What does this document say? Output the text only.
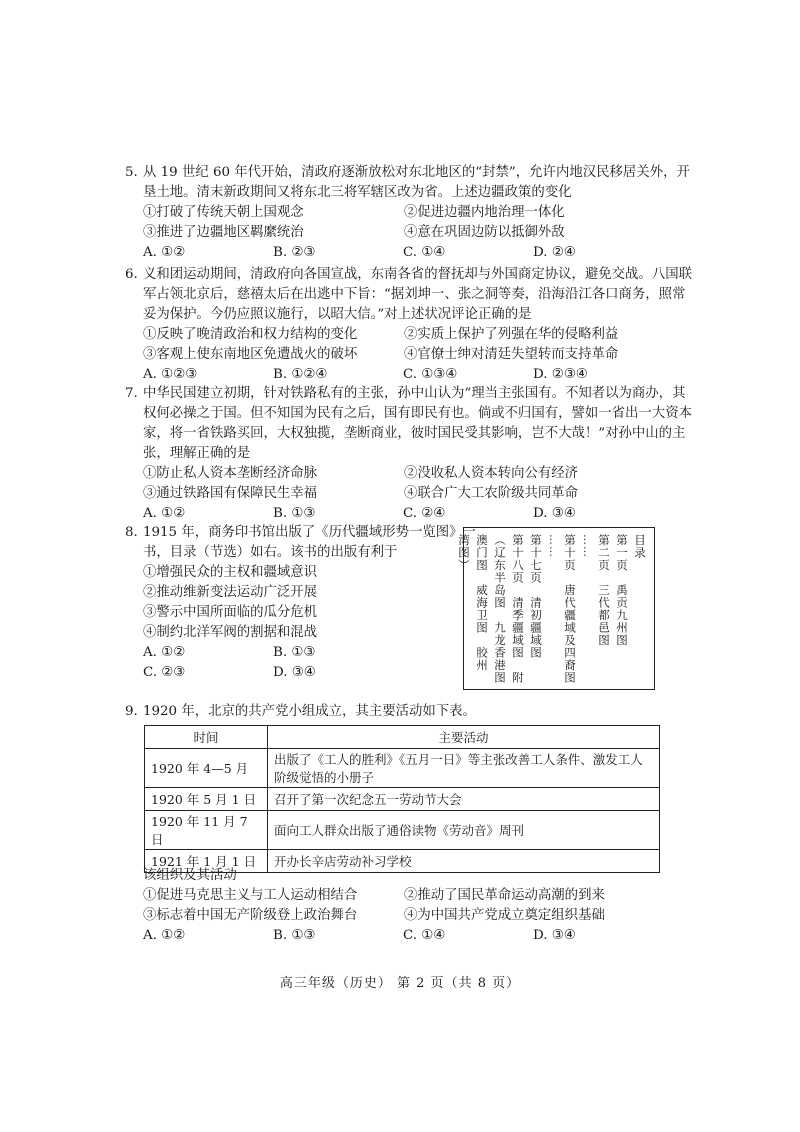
5. 从 19 世纪 60 年代开始，清政府逐渐放松对东北地区的“封禁”，允许内地汉民移居关外，开
垦土地。清末新政期间又将东北三将军辖区改为省。上述边疆政策的变化
①打破了传统天朝上国观念	②促进边疆内地治理一体化
③推进了边疆地区羁縻统治	④意在巩固边防以抵御外敌
A. ①②	B. ②③	C. ①④	D. ②④
6. 义和团运动期间，清政府向各国宣战，东南各省的督抚却与外国商定协议，避免交战。八国联
军占领北京后，慈禧太后在出逃中下旨：“据刘坤一、张之洞等奏，沿海沿江各口商务，照常
妥为保护。今仍应照议施行，以昭大信。”对上述状况评论正确的是
①反映了晚清政治和权力结构的变化	②实质上保护了列强在华的侵略利益
③客观上使东南地区免遭战火的破坏	④官僚士绅对清廷失望转而支持革命
A. ①②③	B. ①②④	C. ①③④	D. ②③④
7. 中华民国建立初期，针对铁路私有的主张，孙中山认为“理当主张国有。不知者以为商办，其
权何必操之于国。但不知国为民有之后，国有即民有也。倘或不归国有，譬如一省出一大资本
家，将一省铁路买回，大权独揽，垄断商业，彼时国民受其影响，岂不大哉！”对孙中山的主
张，理解正确的是
①防止私人资本垄断经济命脉	②没收私人资本转向公有经济
③通过铁路国有保障民生幸福	④联合广大工农阶级共同革命
A. ①②	B. ①③	C. ②④	D. ③④
8. 1915 年，商务印书馆出版了《历代疆域形势一览图》一
书，目录（节选）如右。该书的出版有利于
①增强民众的主权和疆域意识
②推动维新变法运动广泛开展
③警示中国所面临的瓜分危机
④制约北洋军阀的割据和混战
A. ①②	B. ①③
C. ②③	D. ③④
目录
第一页　禹贡九州图
第二页　三代都邑图
……
第十页　唐代疆域及四裔图
……
第十七页　清初疆域图
第十八页　清季疆域图　附
（辽东半岛图　九龙香港图
澳门图　威海卫图　胶州
湾图）
9. 1920 年，北京的共产党小组成立，其主要活动如下表。
时间	主要活动
1920 年 4—5 月	出版了《工人的胜利》《五月一日》等主张改善工人条件、激发工人
阶级觉悟的小册子

1920 年 5 月 1 日	召开了第一次纪念五一劳动节大会
1920 年 11 月 7 日	面向工人群众出版了通俗读物《劳动音》周刊
1921 年 1 月 1 日	开办长辛店劳动补习学校
该组织及其活动
①促进马克思主义与工人运动相结合	②推动了国民革命运动高潮的到来
③标志着中国无产阶级登上政治舞台	④为中国共产党成立奠定组织基础
A. ①②	B. ①③	C. ①④	D. ③④
高三年级（历史） 第 2 页（共 8 页）
